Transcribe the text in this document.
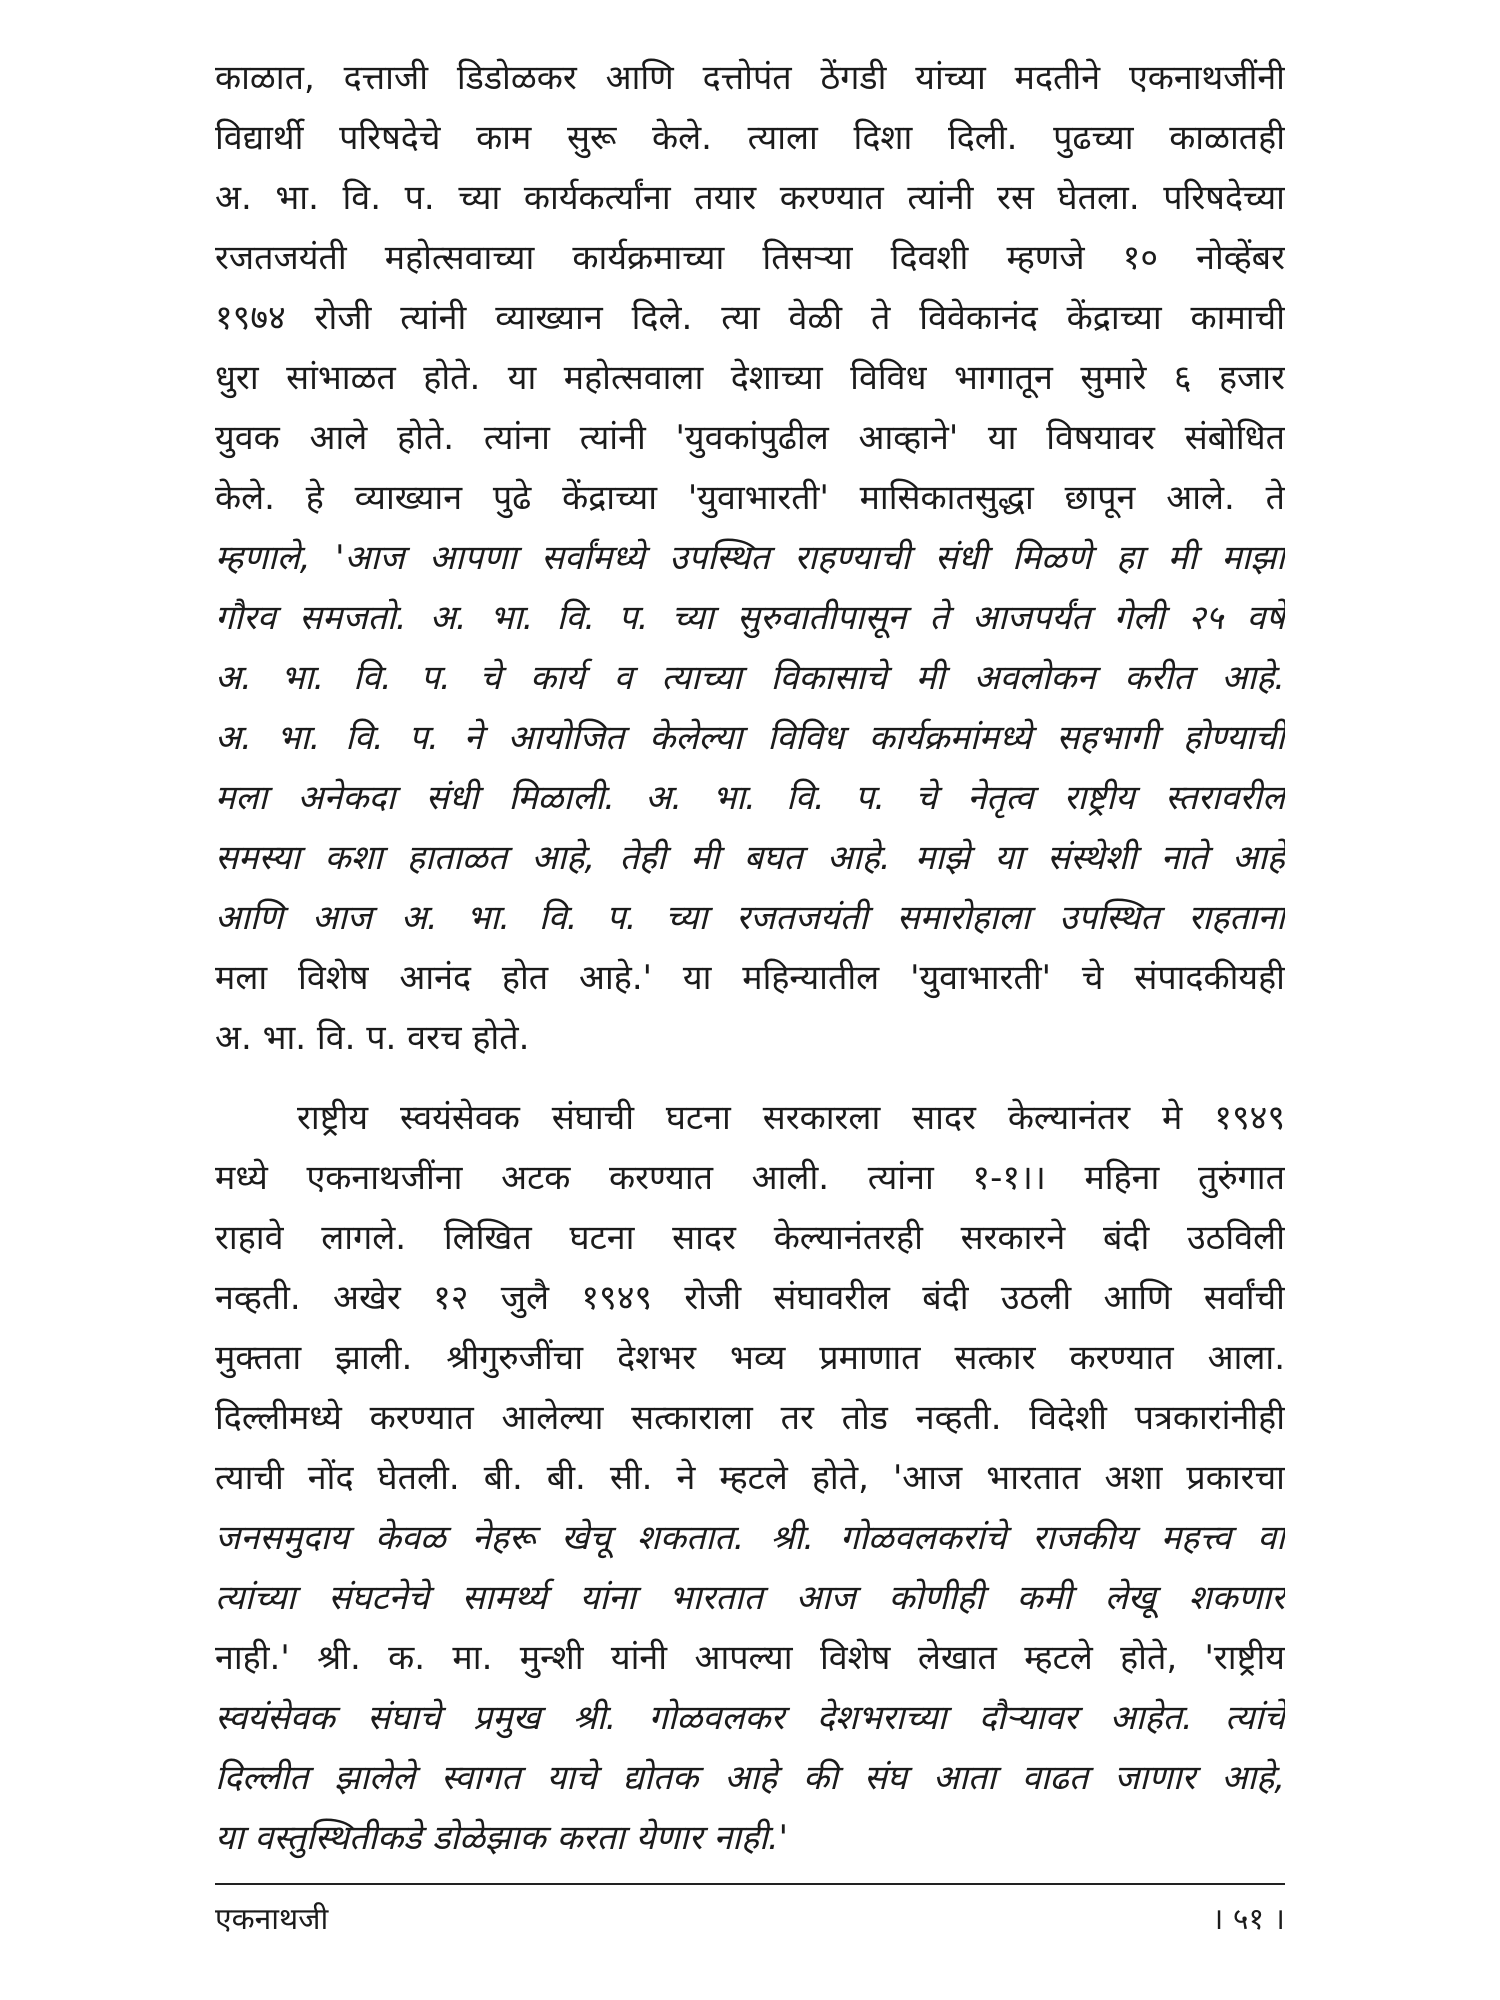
काळात, दत्ताजी डिडोळकर आणि दत्तोपंत ठेंगडी यांच्या मदतीने एकनाथजींनी
विद्यार्थी परिषदेचे काम सुरू केले. त्याला दिशा दिली. पुढच्या काळातही
अ. भा. वि. प. च्या कार्यकर्त्यांना तयार करण्यात त्यांनी रस घेतला. परिषदेच्या
रजतजयंती महोत्सवाच्या कार्यक्रमाच्या तिसऱ्या दिवशी म्हणजे १० नोव्हेंबर
१९७४ रोजी त्यांनी व्याख्यान दिले. त्या वेळी ते विवेकानंद केंद्राच्या कामाची
धुरा सांभाळत होते. या महोत्सवाला देशाच्या विविध भागातून सुमारे ६ हजार
युवक आले होते. त्यांना त्यांनी 'युवकांपुढील आव्हाने' या विषयावर संबोधित
केले. हे व्याख्यान पुढे केंद्राच्या 'युवाभारती' मासिकातसुद्धा छापून आले. ते
म्हणाले, 'आज आपणा सर्वांमध्ये उपस्थित राहण्याची संधी मिळणे हा मी माझा
गौरव समजतो. अ. भा. वि. प. च्या सुरुवातीपासून ते आजपर्यंत गेली २५ वर्षे
अ. भा. वि. प. चे कार्य व त्याच्या विकासाचे मी अवलोकन करीत आहे.
अ. भा. वि. प. ने आयोजित केलेल्या विविध कार्यक्रमांमध्ये सहभागी होण्याची
मला अनेकदा संधी मिळाली. अ. भा. वि. प. चे नेतृत्व राष्ट्रीय स्तरावरील
समस्या कशा हाताळत आहे, तेही मी बघत आहे. माझे या संस्थेशी नाते आहे
आणि आज अ. भा. वि. प. च्या रजतजयंती समारोहाला उपस्थित राहताना
मला विशेष आनंद होत आहे.' या महिन्यातील 'युवाभारती' चे संपादकीयही
अ. भा. वि. प. वरच होते.
राष्ट्रीय स्वयंसेवक संघाची घटना सरकारला सादर केल्यानंतर मे १९४९
मध्ये एकनाथजींना अटक करण्यात आली. त्यांना १-१।। महिना तुरुंगात
राहावे लागले. लिखित घटना सादर केल्यानंतरही सरकारने बंदी उठविली
नव्हती. अखेर १२ जुलै १९४९ रोजी संघावरील बंदी उठली आणि सर्वांची
मुक्तता झाली. श्रीगुरुजींचा देशभर भव्य प्रमाणात सत्कार करण्यात आला.
दिल्लीमध्ये करण्यात आलेल्या सत्काराला तर तोड नव्हती. विदेशी पत्रकारांनीही
त्याची नोंद घेतली. बी. बी. सी. ने म्हटले होते, 'आज भारतात अशा प्रकारचा
जनसमुदाय केवळ नेहरू खेचू शकतात. श्री. गोळवलकरांचे राजकीय महत्त्व वा
त्यांच्या संघटनेचे सामर्थ्य यांना भारतात आज कोणीही कमी लेखू शकणार
नाही.' श्री. क. मा. मुन्शी यांनी आपल्या विशेष लेखात म्हटले होते, 'राष्ट्रीय
स्वयंसेवक संघाचे प्रमुख श्री. गोळवलकर देशभराच्या दौऱ्यावर आहेत. त्यांचे
दिल्लीत झालेले स्वागत याचे द्योतक आहे की संघ आता वाढत जाणार आहे,
या वस्तुस्थितीकडे डोळेझाक करता येणार नाही.'
एकनाथजी	। ५१ ।
